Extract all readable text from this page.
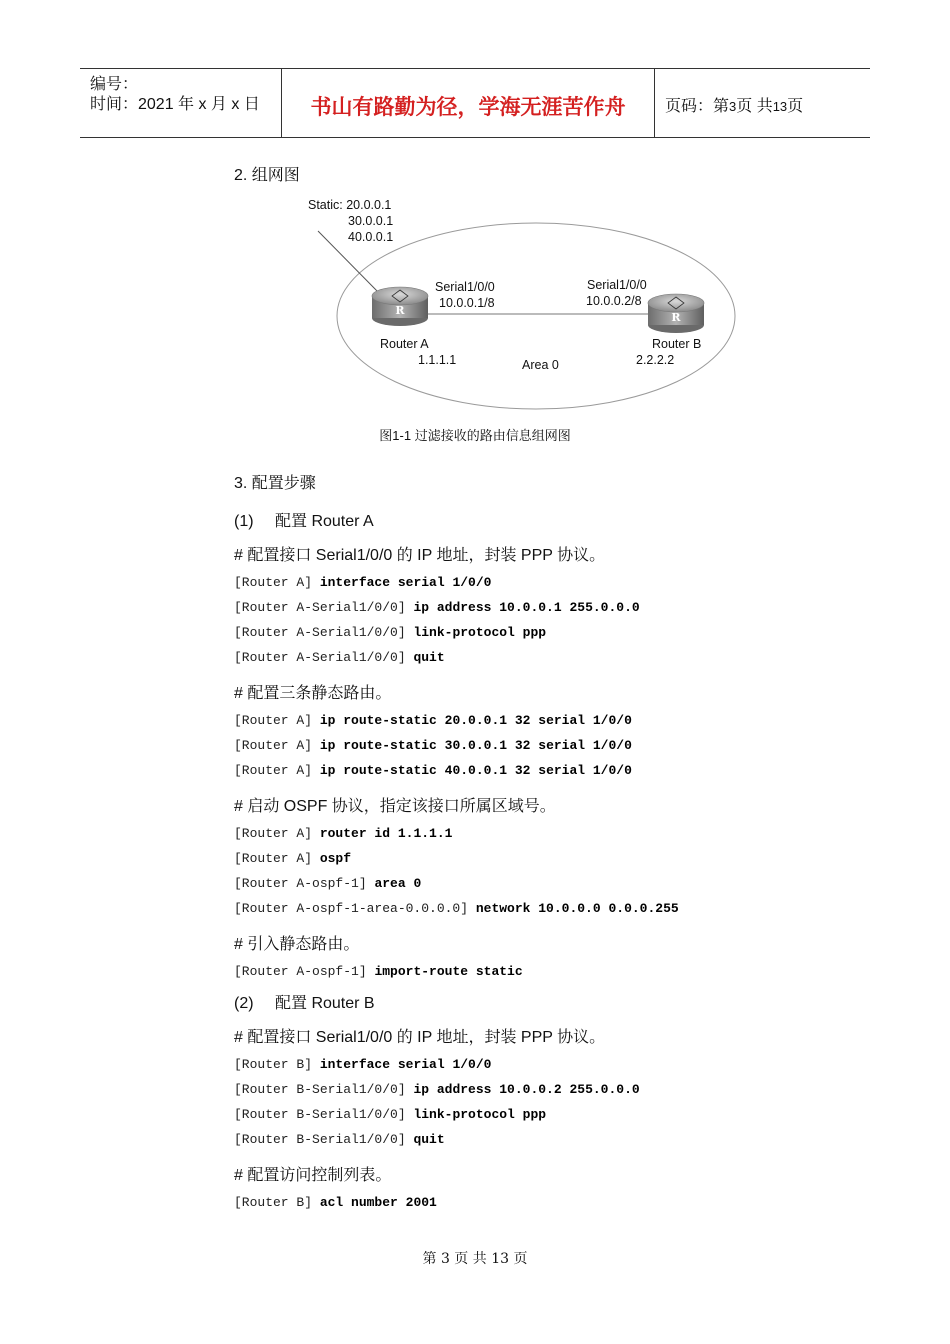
编号：
时间：2021 年 x 月 x 日	书山有路勤为径，学海无涯苦作舟	页码：第3页 共13页
2. 组网图
R
R
Static: 20.0.0.1
30.0.0.1
40.0.0.1
Serial1/0/0
10.0.0.1/8
Serial1/0/0
10.0.0.2/8
Router A
1.1.1.1
Router B
2.2.2.2
Area 0
图1-1 过滤接收的路由信息组网图
3. 配置步骤
(1) 配置 Router A
# 配置接口 Serial1/0/0 的 IP 地址，封装 PPP 协议。
[Router A] interface serial 1/0/0
[Router A-Serial1/0/0] ip address 10.0.0.1 255.0.0.0
[Router A-Serial1/0/0] link-protocol ppp
[Router A-Serial1/0/0] quit
# 配置三条静态路由。
[Router A] ip route-static 20.0.0.1 32 serial 1/0/0
[Router A] ip route-static 30.0.0.1 32 serial 1/0/0
[Router A] ip route-static 40.0.0.1 32 serial 1/0/0
# 启动 OSPF 协议，指定该接口所属区域号。
[Router A] router id 1.1.1.1
[Router A] ospf
[Router A-ospf-1] area 0
[Router A-ospf-1-area-0.0.0.0] network 10.0.0.0 0.0.0.255
# 引入静态路由。
[Router A-ospf-1] import-route static
(2) 配置 Router B
# 配置接口 Serial1/0/0 的 IP 地址，封装 PPP 协议。
[Router B] interface serial 1/0/0
[Router B-Serial1/0/0] ip address 10.0.0.2 255.0.0.0
[Router B-Serial1/0/0] link-protocol ppp
[Router B-Serial1/0/0] quit
# 配置访问控制列表。
[Router B] acl number 2001
第 3 页 共 13 页
